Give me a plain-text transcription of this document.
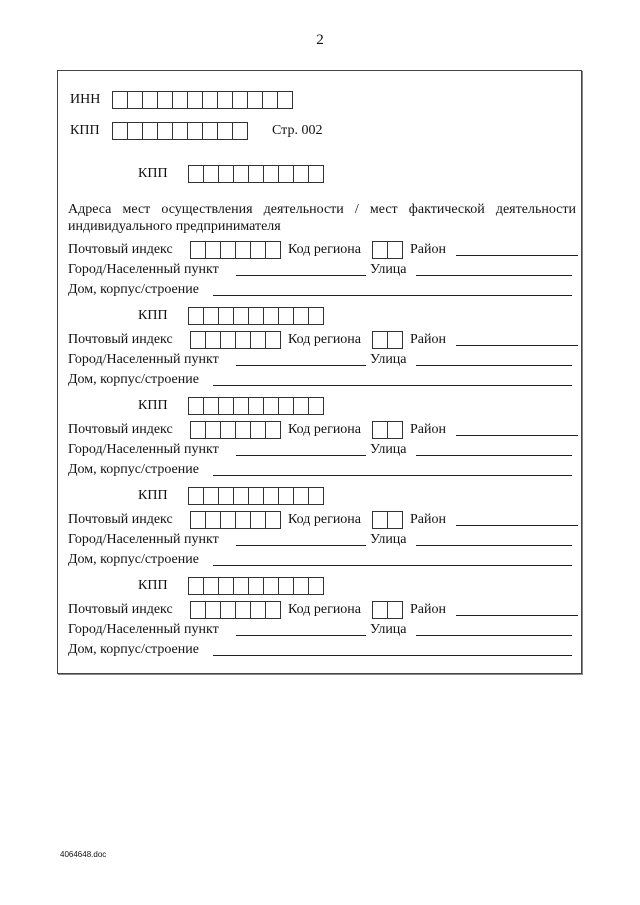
2
ИНН
КПП	Стр. 002
КПП
Адреса мест осуществления деятельности / мест фактической деятельности индивидуального предпринимателя
Почтовый индекс	Код региона	Район
Город/Населенный пункт	Улица
Дом, корпус/строение
КПП
Почтовый индекс	Код региона	Район
Город/Населенный пункт	Улица
Дом, корпус/строение
КПП
Почтовый индекс	Код региона	Район
Город/Населенный пункт	Улица
Дом, корпус/строение
КПП
Почтовый индекс	Код региона	Район
Город/Населенный пункт	Улица
Дом, корпус/строение
КПП
Почтовый индекс	Код региона	Район
Город/Населенный пункт	Улица
Дом, корпус/строение
4064648.doc
